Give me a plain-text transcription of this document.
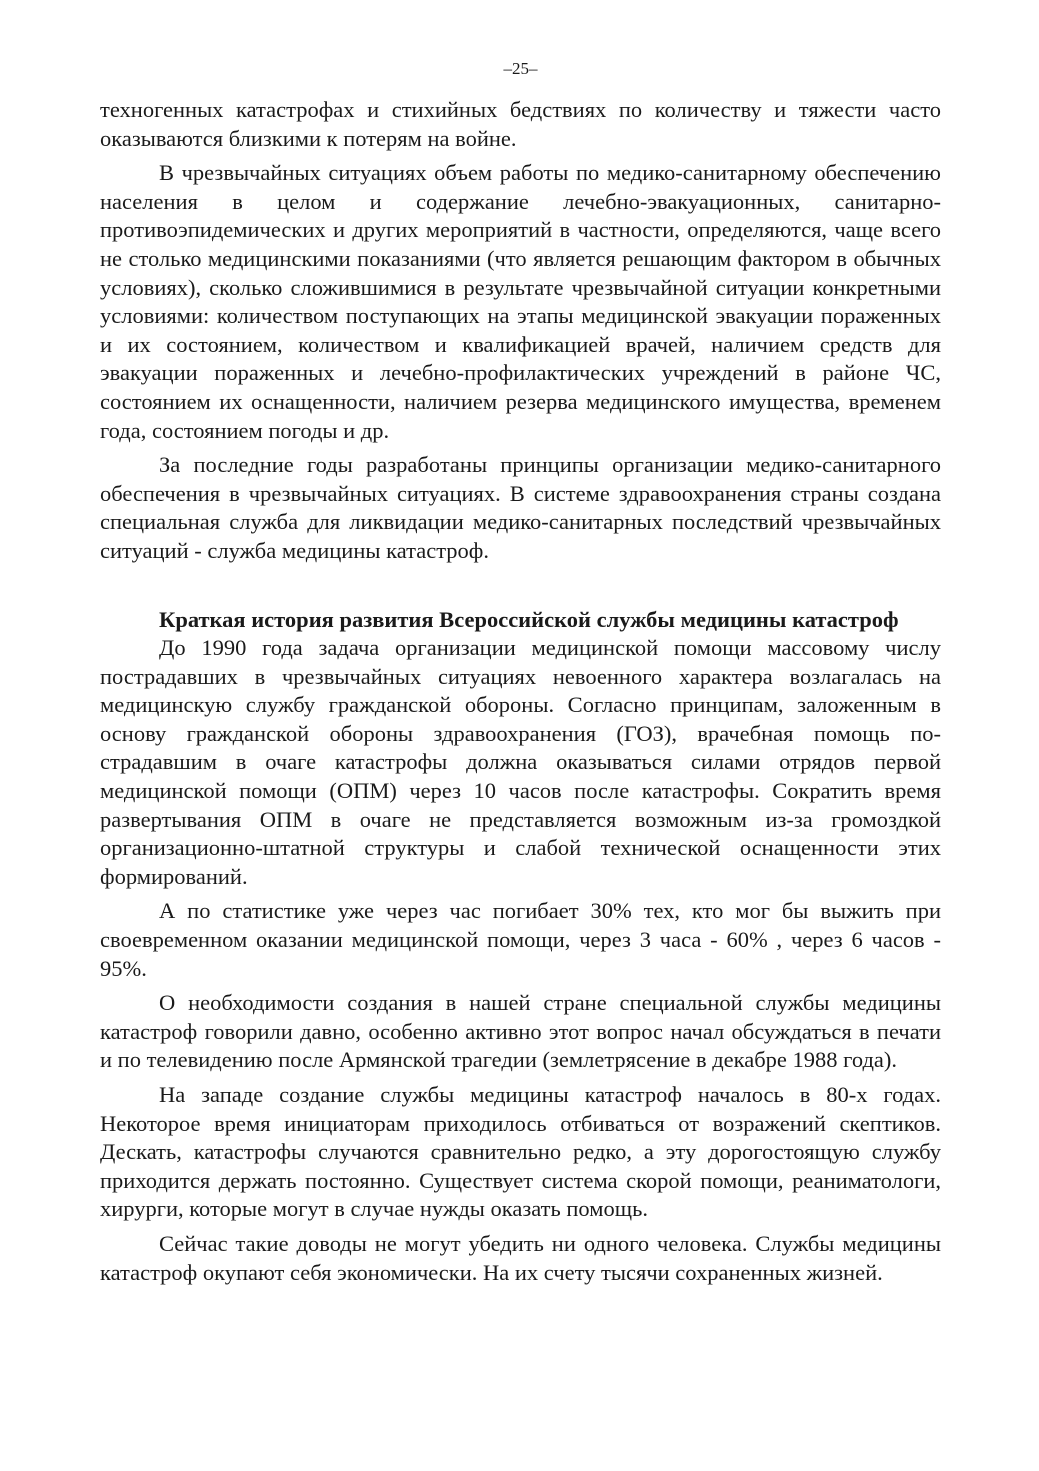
–25–

техногенных катастрофах и стихийных бедствиях по количеству и тяжести часто оказываются близкими к потерям на войне.

В чрезвычайных ситуациях объем работы по медико-санитарному обеспечению населения в целом и содержание лечебно-эвакуационных, санитарно-противоэпидемических и других мероприятий в частности, определяются, чаще всего не столько медицинскими показаниями (что является решающим фактором в обычных условиях), сколько сложившимися в результате чрезвычайной ситуации конкретными условиями: количеством поступающих на этапы медицинской эвакуации пораженных и их состоянием, количеством и квалификацией врачей, наличием средств для эвакуации пораженных и лечебно-профилактических учреждений в районе ЧС, состоянием их оснащенности, наличием резерва медицинского имущества, временем года, состоянием погоды и др.

За последние годы разработаны принципы организации медико-санитарного обеспечения в чрезвычайных ситуациях. В системе здравоохранения страны создана специальная служба для ликвидации медико-санитарных последствий чрезвычайных ситуаций - служба медицины катастроф.

Краткая история развития Всероссийской службы медицины катастроф

До 1990 года задача организации медицинской помощи массовому числу пострадавших в чрезвычайных ситуациях невоенного характера возлагалась на медицинскую службу гражданской обороны. Согласно принципам, заложенным в основу гражданской обороны здравоохранения (ГОЗ), врачебная помощь пострадавшим в очаге катастрофы должна оказываться силами отрядов первой медицинской помощи (ОПМ) через 10 часов после катастрофы. Сократить время развертывания ОПМ в очаге не представляется возможным из-за громоздкой организационно-штатной структуры и слабой технической оснащенности этих формирований.

А по статистике уже через час погибает 30% тех, кто мог бы выжить при своевременном оказании медицинской помощи, через 3 часа - 60% , через 6 часов - 95%.

О необходимости создания в нашей стране специальной службы медицины катастроф говорили давно, особенно активно этот вопрос начал обсуждаться в печати и по телевидению после Армянской трагедии (землетрясение в декабре 1988 года).

На западе создание службы медицины катастроф началось в 80-х годах. Некоторое время инициаторам приходилось отбиваться от возражений скептиков. Дескать, катастрофы случаются сравнительно редко, а эту дорогостоящую службу приходится держать постоянно. Существует система скорой помощи, реаниматологи, хирурги, которые могут в случае нужды оказать помощь.

Сейчас такие доводы не могут убедить ни одного человека. Службы медицины катастроф окупают себя экономически. На их счету тысячи сохраненных жизней.
